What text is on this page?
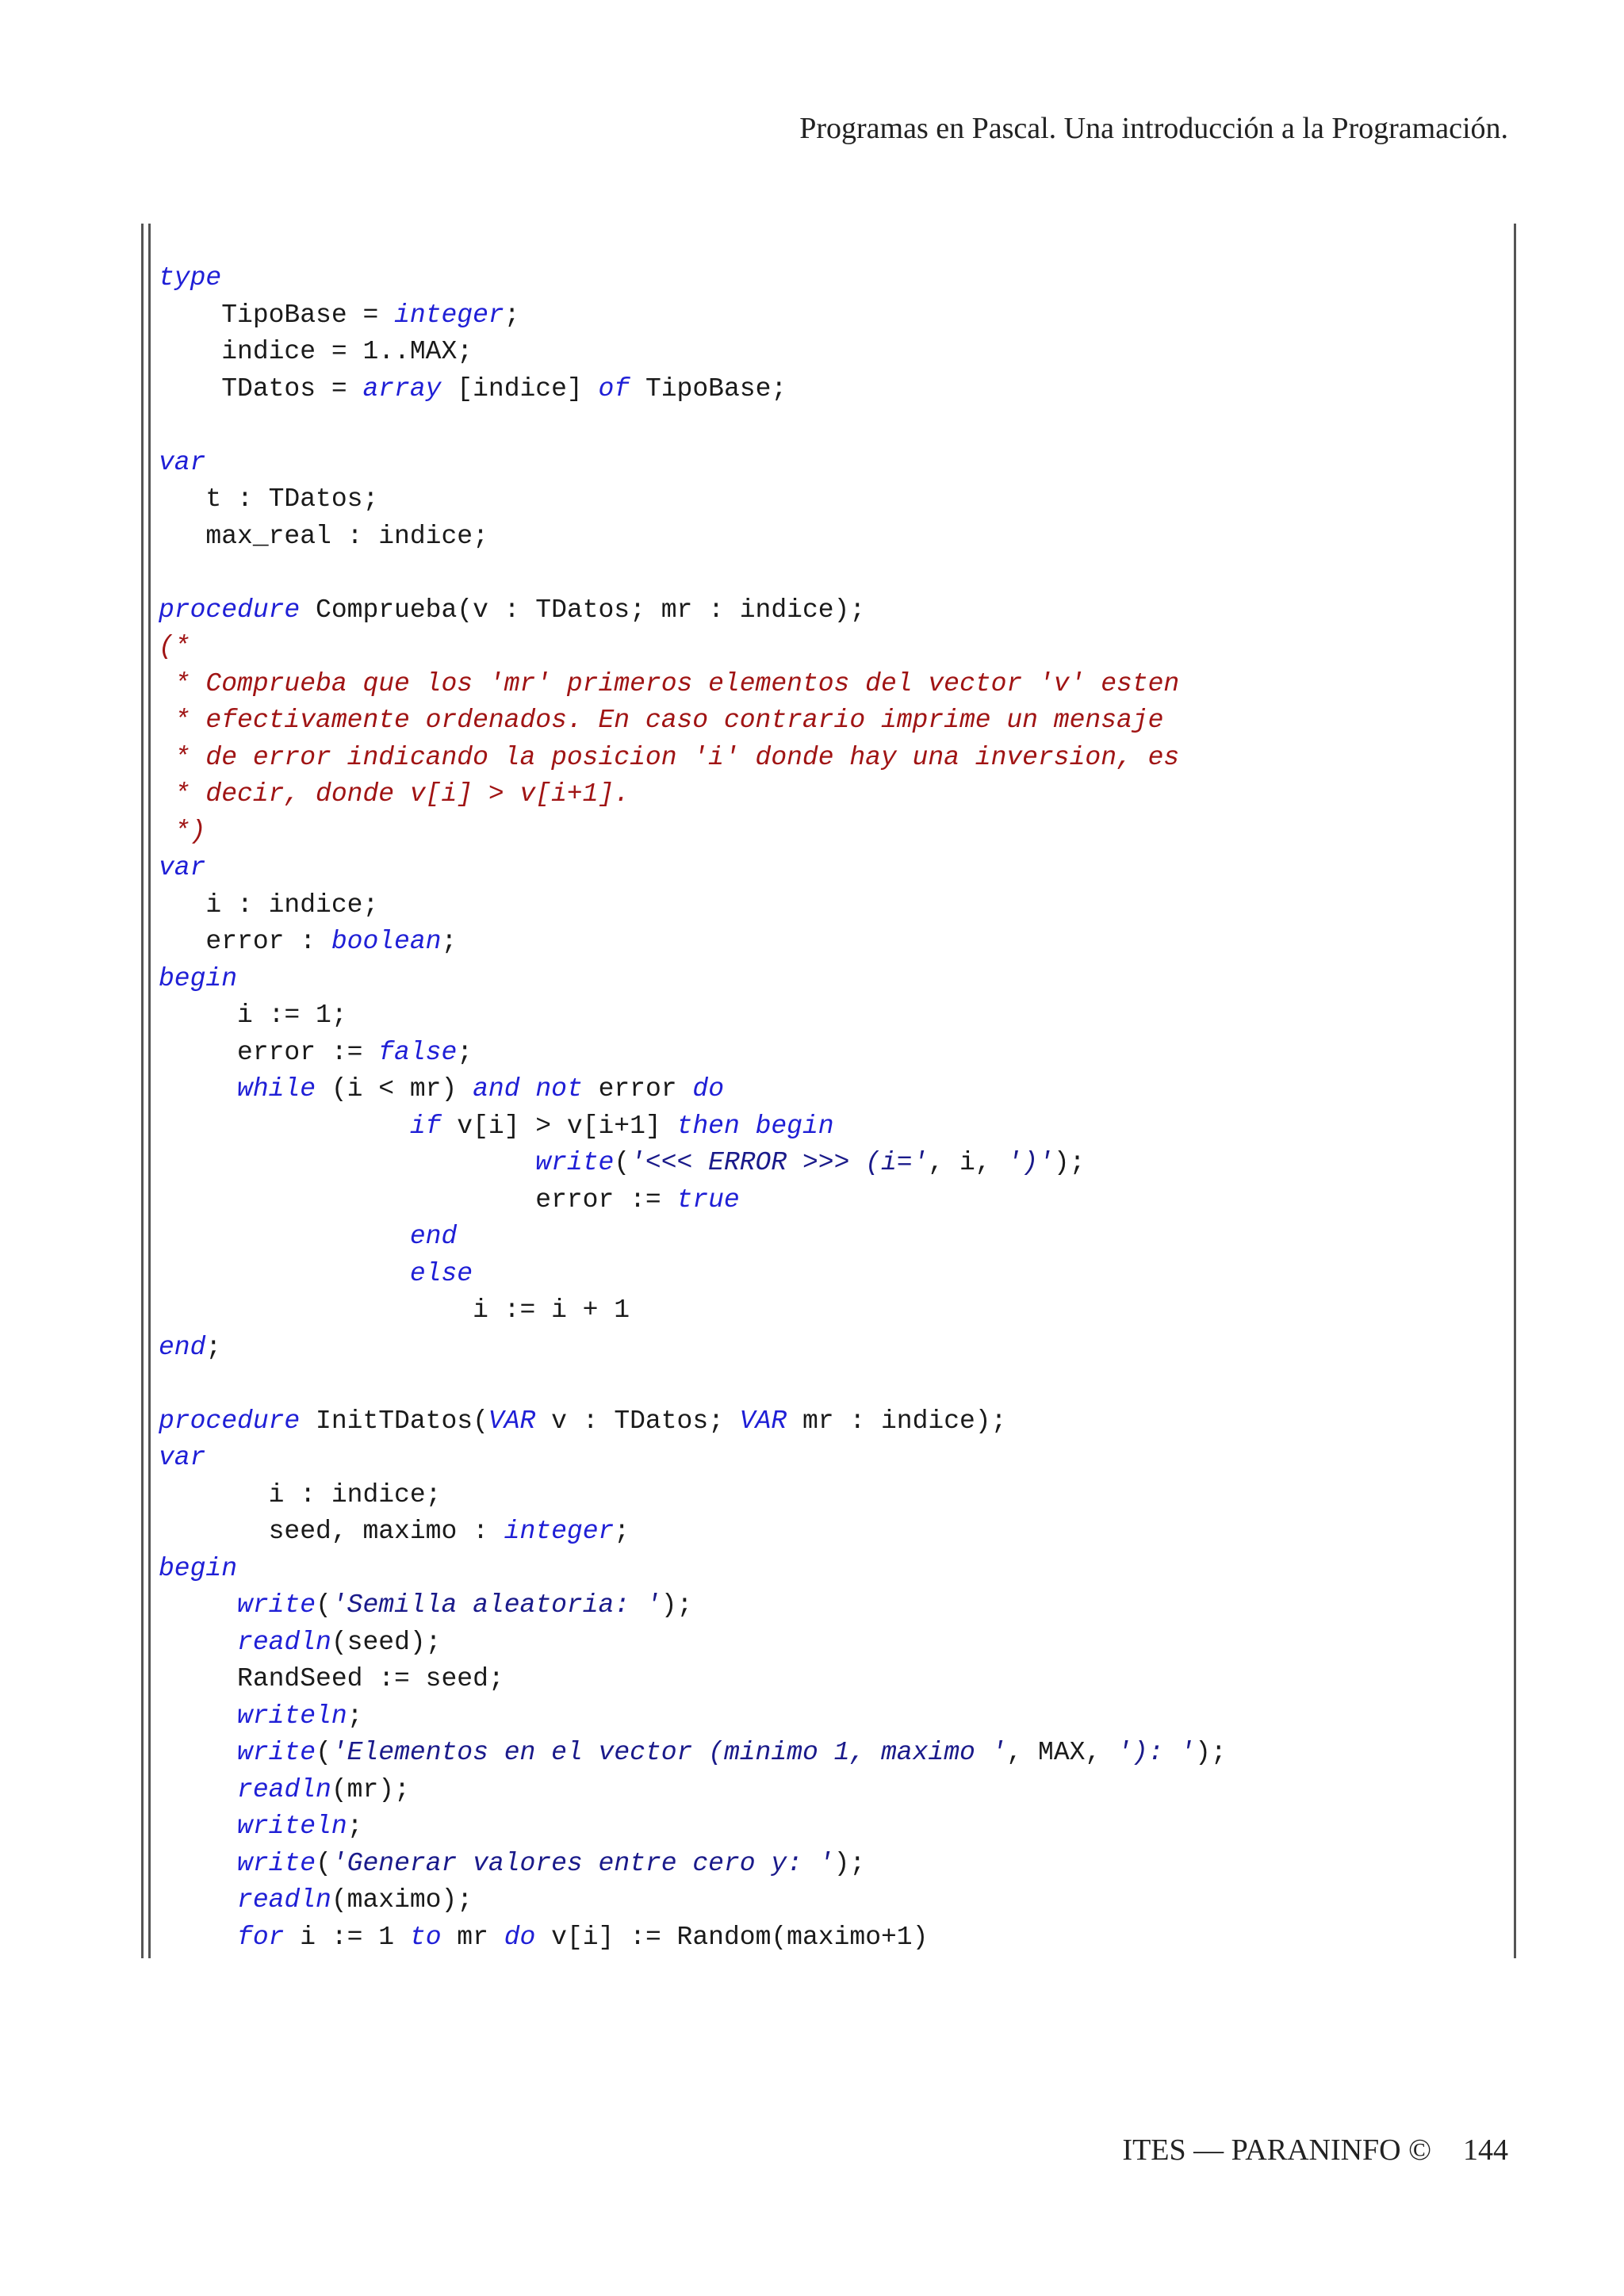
Programas en Pascal. Una introducción a la Programación.
type
TipoBase = integer;
indice = 1..MAX;
TDatos = array [indice] of TipoBase;

var
t : TDatos;
max_real : indice;

procedure Comprueba(v : TDatos; mr : indice);
(*
* Comprueba que los 'mr' primeros elementos del vector 'v' esten
* efectivamente ordenados. En caso contrario imprime un mensaje
* de error indicando la posicion 'i' donde hay una inversion, es
* decir, donde v[i] > v[i+1].
*)
var
i : indice;
error : boolean;
begin
i := 1;
error := false;
while (i < mr) and not error do
if v[i] > v[i+1] then begin
write('<<< ERROR >>> (i=', i, ')');
error := true
end
else
i := i + 1
end;

procedure InitTDatos(VAR v : TDatos; VAR mr : indice);
var
i : indice;
seed, maximo : integer;
begin
write('Semilla aleatoria: ');
readln(seed);
RandSeed := seed;
writeln;
write('Elementos en el vector (minimo 1, maximo ', MAX, '): ');
readln(mr);
writeln;
write('Generar valores entre cero y: ');
readln(maximo);
for i := 1 to mr do v[i] := Random(maximo+1)
ITES — PARANINFO © 144
